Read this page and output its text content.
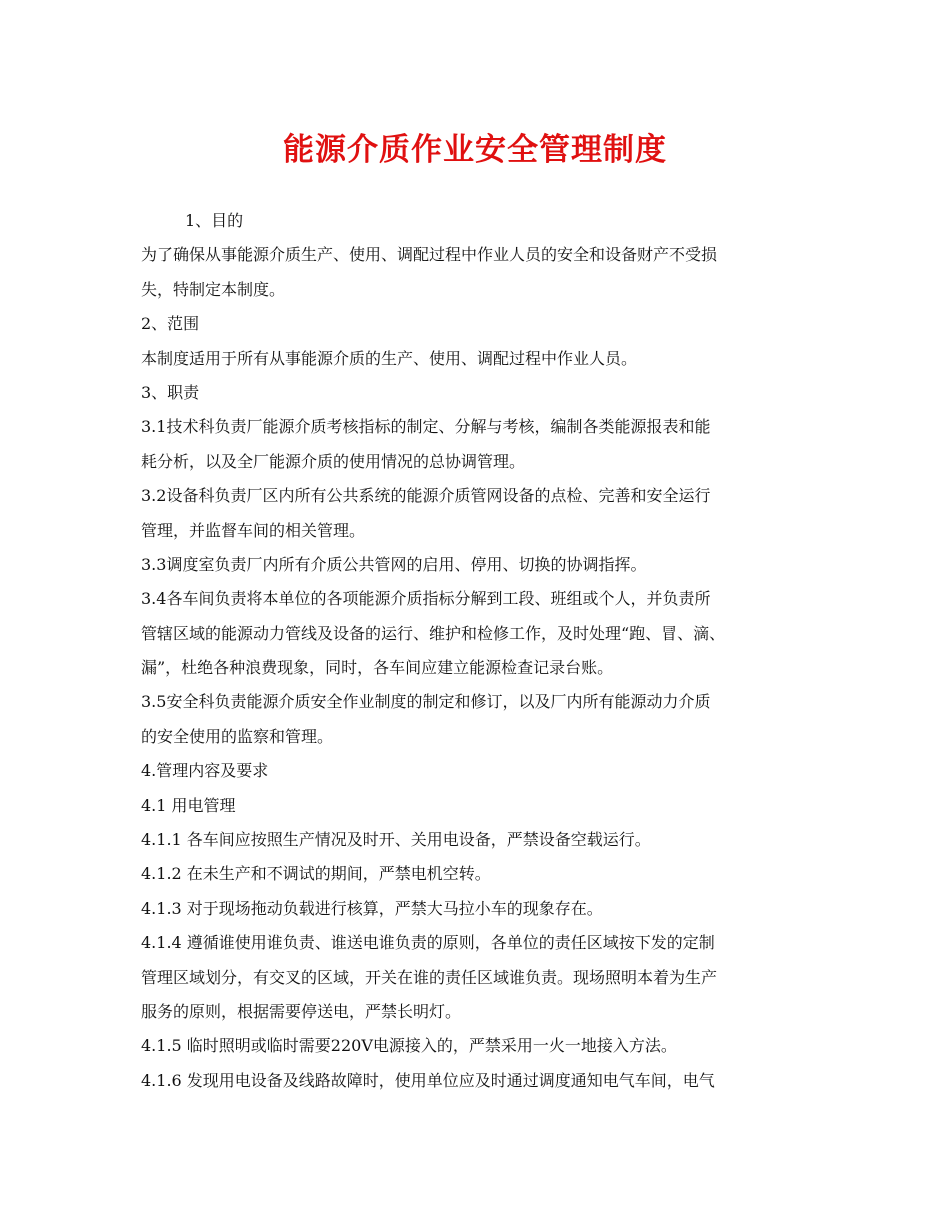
能源介质作业安全管理制度
1、目的
为了确保从事能源介质生产、使用、调配过程中作业人员的安全和设备财产不受损
失，特制定本制度。
2、范围
本制度适用于所有从事能源介质的生产、使用、调配过程中作业人员。
3、职责
3.1技术科负责厂能源介质考核指标的制定、分解与考核，编制各类能源报表和能
耗分析，以及全厂能源介质的使用情况的总协调管理。
3.2设备科负责厂区内所有公共系统的能源介质管网设备的点检、完善和安全运行
管理，并监督车间的相关管理。
3.3调度室负责厂内所有介质公共管网的启用、停用、切换的协调指挥。
3.4各车间负责将本单位的各项能源介质指标分解到工段、班组或个人，并负责所
管辖区域的能源动力管线及设备的运行、维护和检修工作，及时处理“跑、冒、滴、
漏”，杜绝各种浪费现象，同时，各车间应建立能源检查记录台账。
3.5安全科负责能源介质安全作业制度的制定和修订，以及厂内所有能源动力介质
的安全使用的监察和管理。
4.管理内容及要求
4.1 用电管理
4.1.1 各车间应按照生产情况及时开、关用电设备，严禁设备空载运行。
4.1.2 在未生产和不调试的期间，严禁电机空转。
4.1.3 对于现场拖动负载进行核算，严禁大马拉小车的现象存在。
4.1.4 遵循谁使用谁负责、谁送电谁负责的原则，各单位的责任区域按下发的定制
管理区域划分，有交叉的区域，开关在谁的责任区域谁负责。现场照明本着为生产
服务的原则，根据需要停送电，严禁长明灯。
4.1.5 临时照明或临时需要220V电源接入的，严禁采用一火一地接入方法。
4.1.6 发现用电设备及线路故障时，使用单位应及时通过调度通知电气车间，电气
